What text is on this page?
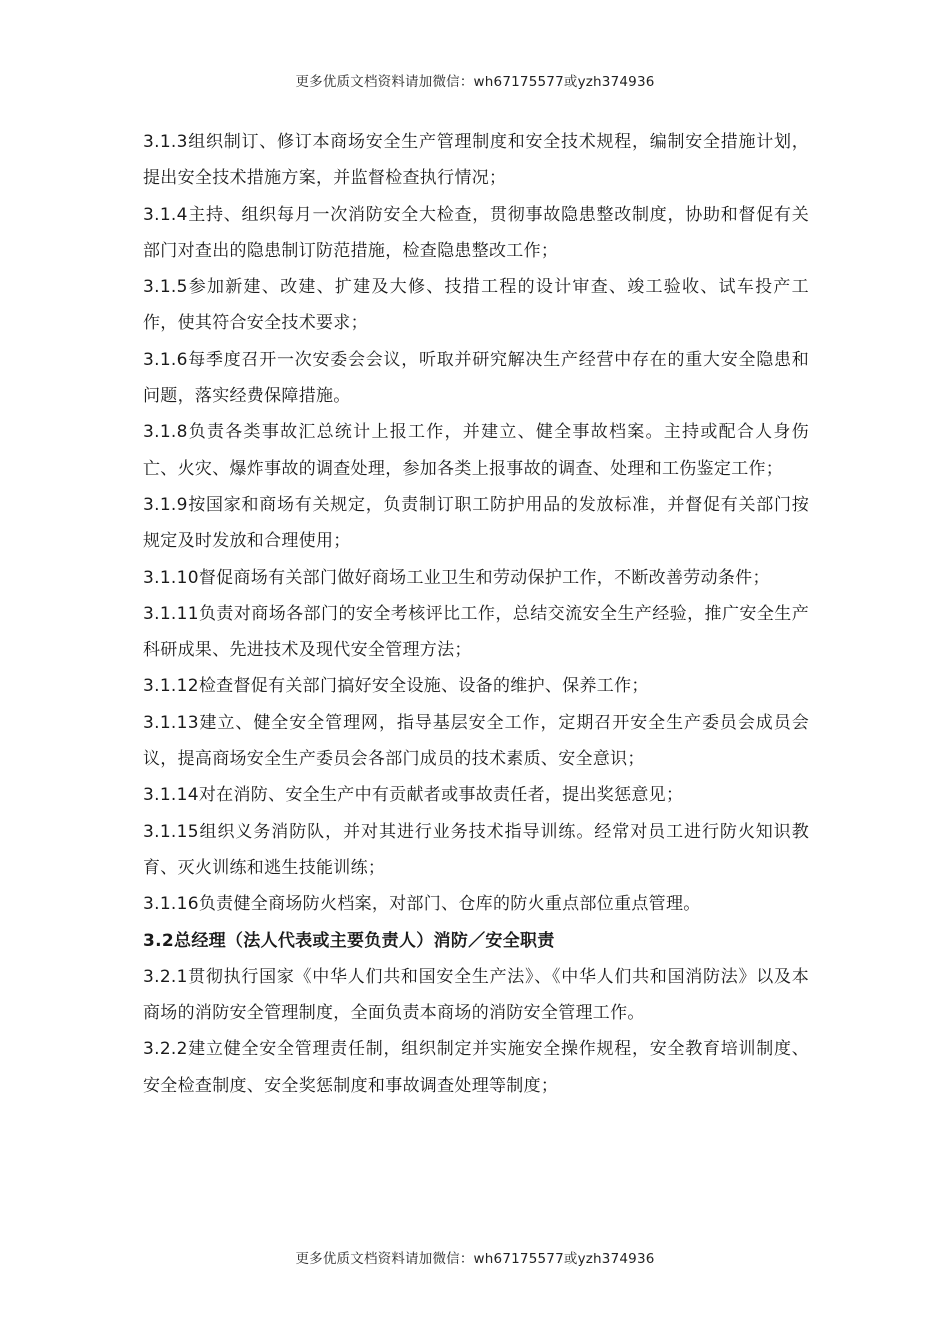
更多优质文档资料请加微信：wh67175577或yzh374936

3.1.3组织制订、修订本商场安全生产管理制度和安全技术规程，编制安全措施计划，提出安全技术措施方案，并监督检查执行情况；

3.1.4主持、组织每月一次消防安全大检查，贯彻事故隐患整改制度，协助和督促有关部门对查出的隐患制订防范措施，检查隐患整改工作；

3.1.5参加新建、改建、扩建及大修、技措工程的设计审查、竣工验收、试车投产工作，使其符合安全技术要求；

3.1.6每季度召开一次安委会会议，听取并研究解决生产经营中存在的重大安全隐患和问题，落实经费保障措施。

3.1.8负责各类事故汇总统计上报工作，并建立、健全事故档案。主持或配合人身伤亡、火灾、爆炸事故的调查处理，参加各类上报事故的调查、处理和工伤鉴定工作；

3.1.9按国家和商场有关规定，负责制订职工防护用品的发放标准，并督促有关部门按规定及时发放和合理使用；

3.1.10督促商场有关部门做好商场工业卫生和劳动保护工作，不断改善劳动条件；

3.1.11负责对商场各部门的安全考核评比工作，总结交流安全生产经验，推广安全生产科研成果、先进技术及现代安全管理方法；

3.1.12检查督促有关部门搞好安全设施、设备的维护、保养工作；

3.1.13建立、健全安全管理网，指导基层安全工作，定期召开安全生产委员会成员会议，提高商场安全生产委员会各部门成员的技术素质、安全意识；

3.1.14对在消防、安全生产中有贡献者或事故责任者，提出奖惩意见；

3.1.15组织义务消防队，并对其进行业务技术指导训练。经常对员工进行防火知识教育、灭火训练和逃生技能训练；

3.1.16负责健全商场防火档案，对部门、仓库的防火重点部位重点管理。

3.2总经理（法人代表或主要负责人）消防／安全职责

3.2.1贯彻执行国家《中华人们共和国安全生产法》、《中华人们共和国消防法》以及本商场的消防安全管理制度，全面负责本商场的消防安全管理工作。

3.2.2建立健全安全管理责任制，组织制定并实施安全操作规程，安全教育培训制度、安全检查制度、安全奖惩制度和事故调查处理等制度；

更多优质文档资料请加微信：wh67175577或yzh374936
